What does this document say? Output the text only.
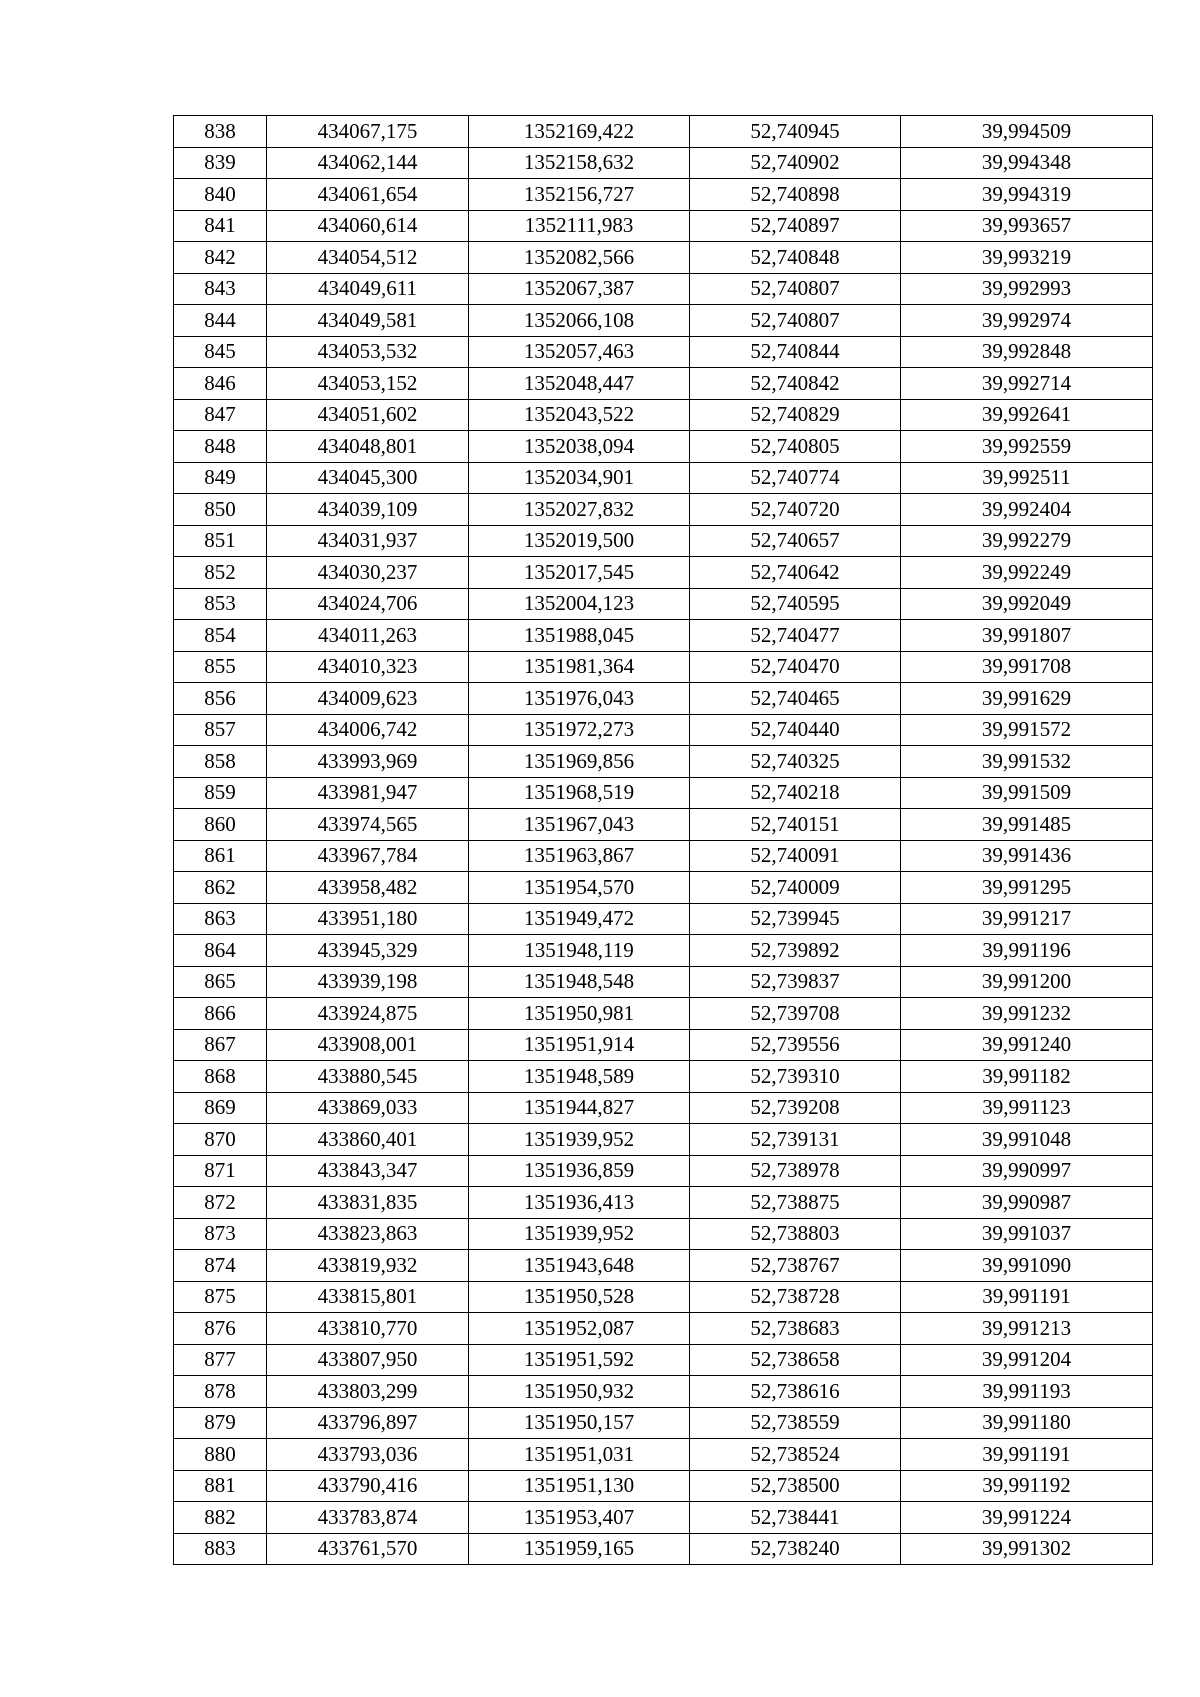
838	434067,175	1352169,422	52,740945	39,994509
839	434062,144	1352158,632	52,740902	39,994348
840	434061,654	1352156,727	52,740898	39,994319
841	434060,614	1352111,983	52,740897	39,993657
842	434054,512	1352082,566	52,740848	39,993219
843	434049,611	1352067,387	52,740807	39,992993
844	434049,581	1352066,108	52,740807	39,992974
845	434053,532	1352057,463	52,740844	39,992848
846	434053,152	1352048,447	52,740842	39,992714
847	434051,602	1352043,522	52,740829	39,992641
848	434048,801	1352038,094	52,740805	39,992559
849	434045,300	1352034,901	52,740774	39,992511
850	434039,109	1352027,832	52,740720	39,992404
851	434031,937	1352019,500	52,740657	39,992279
852	434030,237	1352017,545	52,740642	39,992249
853	434024,706	1352004,123	52,740595	39,992049
854	434011,263	1351988,045	52,740477	39,991807
855	434010,323	1351981,364	52,740470	39,991708
856	434009,623	1351976,043	52,740465	39,991629
857	434006,742	1351972,273	52,740440	39,991572
858	433993,969	1351969,856	52,740325	39,991532
859	433981,947	1351968,519	52,740218	39,991509
860	433974,565	1351967,043	52,740151	39,991485
861	433967,784	1351963,867	52,740091	39,991436
862	433958,482	1351954,570	52,740009	39,991295
863	433951,180	1351949,472	52,739945	39,991217
864	433945,329	1351948,119	52,739892	39,991196
865	433939,198	1351948,548	52,739837	39,991200
866	433924,875	1351950,981	52,739708	39,991232
867	433908,001	1351951,914	52,739556	39,991240
868	433880,545	1351948,589	52,739310	39,991182
869	433869,033	1351944,827	52,739208	39,991123
870	433860,401	1351939,952	52,739131	39,991048
871	433843,347	1351936,859	52,738978	39,990997
872	433831,835	1351936,413	52,738875	39,990987
873	433823,863	1351939,952	52,738803	39,991037
874	433819,932	1351943,648	52,738767	39,991090
875	433815,801	1351950,528	52,738728	39,991191
876	433810,770	1351952,087	52,738683	39,991213
877	433807,950	1351951,592	52,738658	39,991204
878	433803,299	1351950,932	52,738616	39,991193
879	433796,897	1351950,157	52,738559	39,991180
880	433793,036	1351951,031	52,738524	39,991191
881	433790,416	1351951,130	52,738500	39,991192
882	433783,874	1351953,407	52,738441	39,991224
883	433761,570	1351959,165	52,738240	39,991302
